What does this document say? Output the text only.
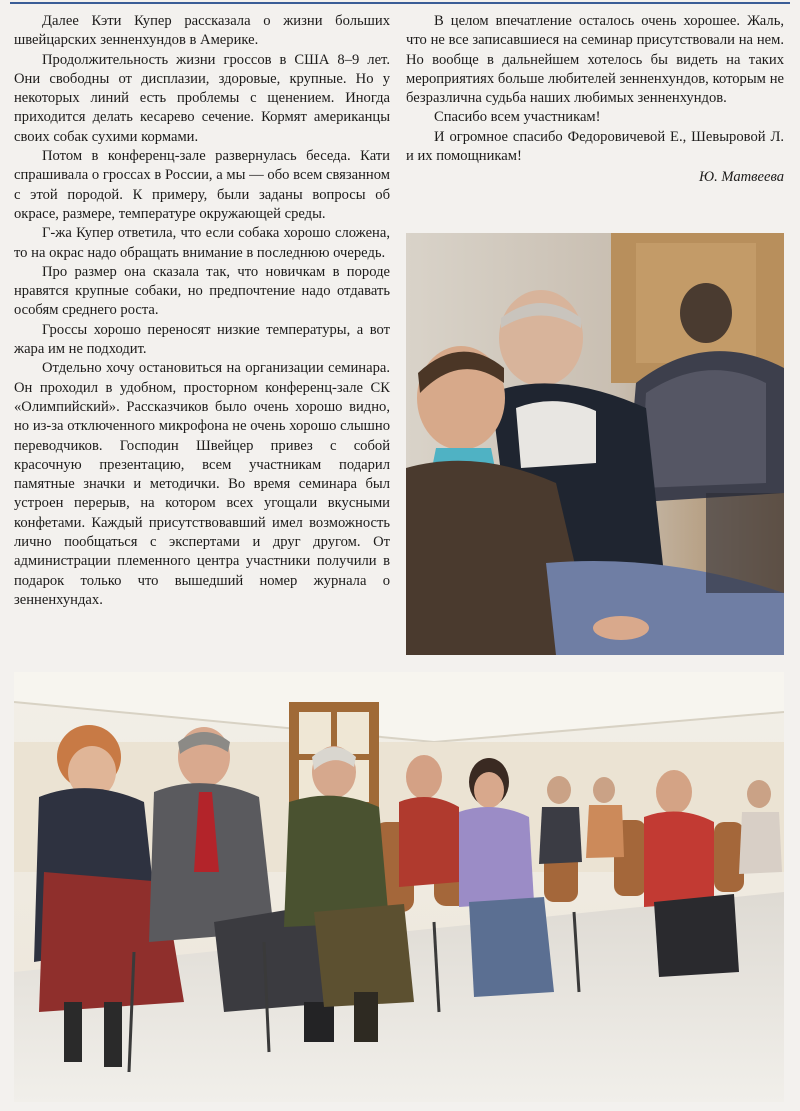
Далее Кэти Купер рассказала о жизни больших швейцарских зенненхундов в Америке.

Продолжительность жизни гроссов в США 8–9 лет. Они свободны от дисплазии, здоровые, крупные. Но у некоторых линий есть проблемы с щенением. Иногда приходится делать кесарево сечение. Кормят американцы своих собак сухими кормами.

Потом в конференц-зале развернулась беседа. Кати спрашивала о гроссах в России, а мы — обо всем связанном с этой породой. К примеру, были заданы вопросы об окрасе, размере, температуре окружающей среды.

Г-жа Купер ответила, что если собака хорошо сложена, то на окрас надо обращать внимание в последнюю очередь.

Про размер она сказала так, что новичкам в породе нравятся крупные собаки, но предпочтение надо отдавать особям среднего роста.

Гроссы хорошо переносят низкие температуры, а вот жара им не подходит.

Отдельно хочу остановиться на организации семинара. Он проходил в удобном, просторном конференц-зале СК «Олимпийский». Рассказчиков было очень хорошо видно, но из-за отключенного микрофона не очень хорошо слышно переводчиков. Господин Швейцер привез с собой красочную презентацию, всем участникам подарил памятные значки и методички. Во время семинара был устроен перерыв, на котором всех угощали вкусными конфетами. Каждый присутствовавший имел возможность лично пообщаться с экспертами и друг другом. От администрации племенного центра участники получили в подарок только что вышедший номер журнала о зенненхундах.

В целом впечатление осталось очень хорошее. Жаль, что не все записавшиеся на семинар присутствовали на нем. Но вообще в дальнейшем хотелось бы видеть на таких мероприятиях больше любителей зенненхундов, которым не безразлична судьба наших любимых зенненхундов.

Спасибо всем участникам!

И огромное спасибо Федоровичевой Е., Шевыровой Л. и их помощникам!

Ю. Матвеева
